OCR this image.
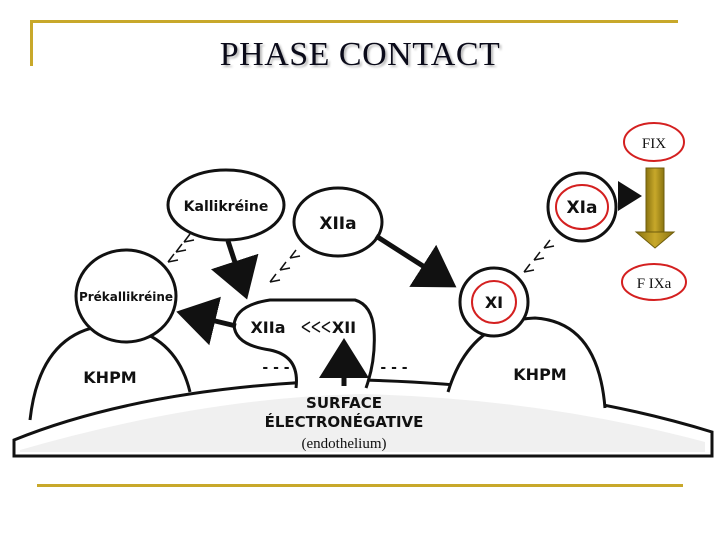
PHASE CONTACT
Kallikréine
XIIa
Prékallikréine
XIIa	XII
XIa
XI
KHPM	KHPM
SURFACE
ÉLECTRONÉGATIVE
(endothelium)
- - -	- - -
FIX
F IXa
